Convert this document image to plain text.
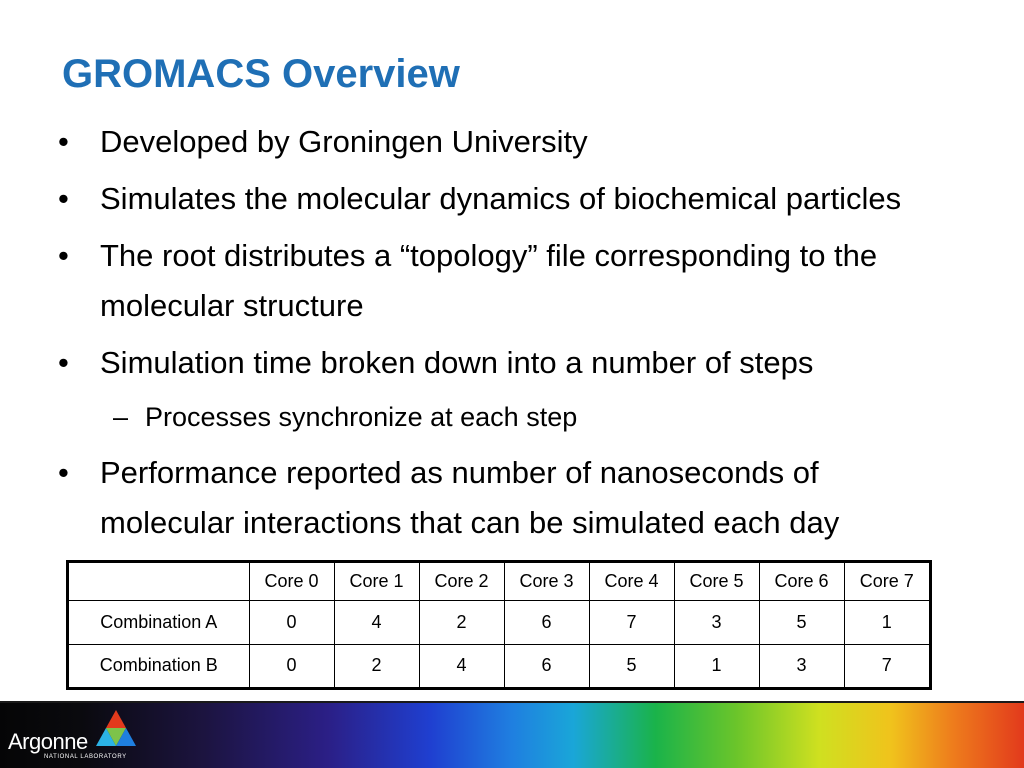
GROMACS Overview
• Developed by Groningen University
• Simulates the molecular dynamics of biochemical particles
• The root distributes a “topology” file corresponding to the
molecular structure
• Simulation time broken down into a number of steps
– Processes synchronize at each step
• Performance reported as number of nanoseconds of
molecular interactions that can be simulated each day
	Core 0	Core 1	Core 2	Core 3	Core 4	Core 5	Core 6	Core 7
Combination A	0	4	2	6	7	3	5	1
Combination B	0	2	4	6	5	1	3	7
Argonne
NATIONAL LABORATORY
